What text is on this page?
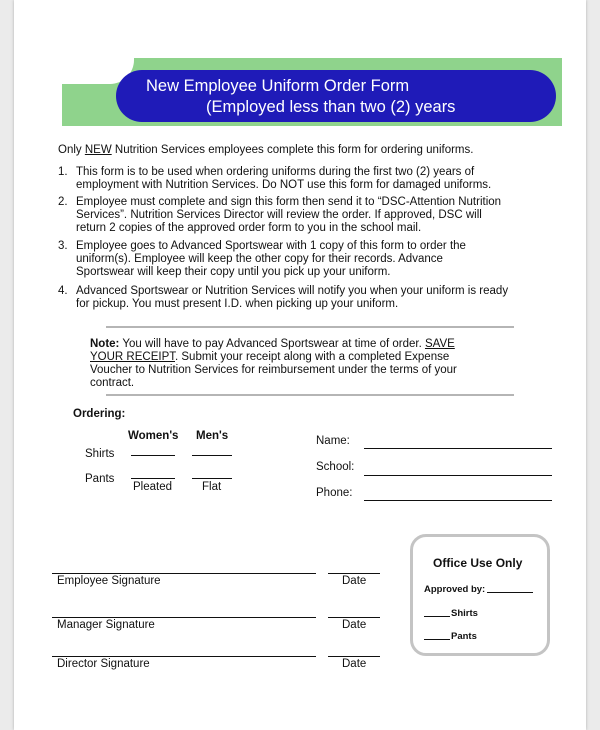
New Employee Uniform Order Form
(Employed less than two (2) years
Only NEW Nutrition Services employees complete this form for ordering uniforms.
1. This form is to be used when ordering uniforms during the first two (2) years of
employment with Nutrition Services. Do NOT use this form for damaged uniforms.
2. Employee must complete and sign this form then send it to “DSC-Attention Nutrition
Services”. Nutrition Services Director will review the order. If approved, DSC will
return 2 copies of the approved order form to you in the school mail.
3. Employee goes to Advanced Sportswear with 1 copy of this form to order the
uniform(s). Employee will keep the other copy for their records. Advance
Sportswear will keep their copy until you pick up your uniform.
4. Advanced Sportswear or Nutrition Services will notify you when your uniform is ready
for pickup. You must present I.D. when picking up your uniform.
Note: You will have to pay Advanced Sportswear at time of order. SAVE
YOUR RECEIPT. Submit your receipt along with a completed Expense
Voucher to Nutrition Services for reimbursement under the terms of your
contract.
Ordering:
Women's Men's
Shirts
Pants
Pleated	Flat
Name:
School:
Phone:
Employee Signature	Date
Manager Signature	Date
Director Signature	Date
Office Use Only
Approved by:
Shirts
Pants
